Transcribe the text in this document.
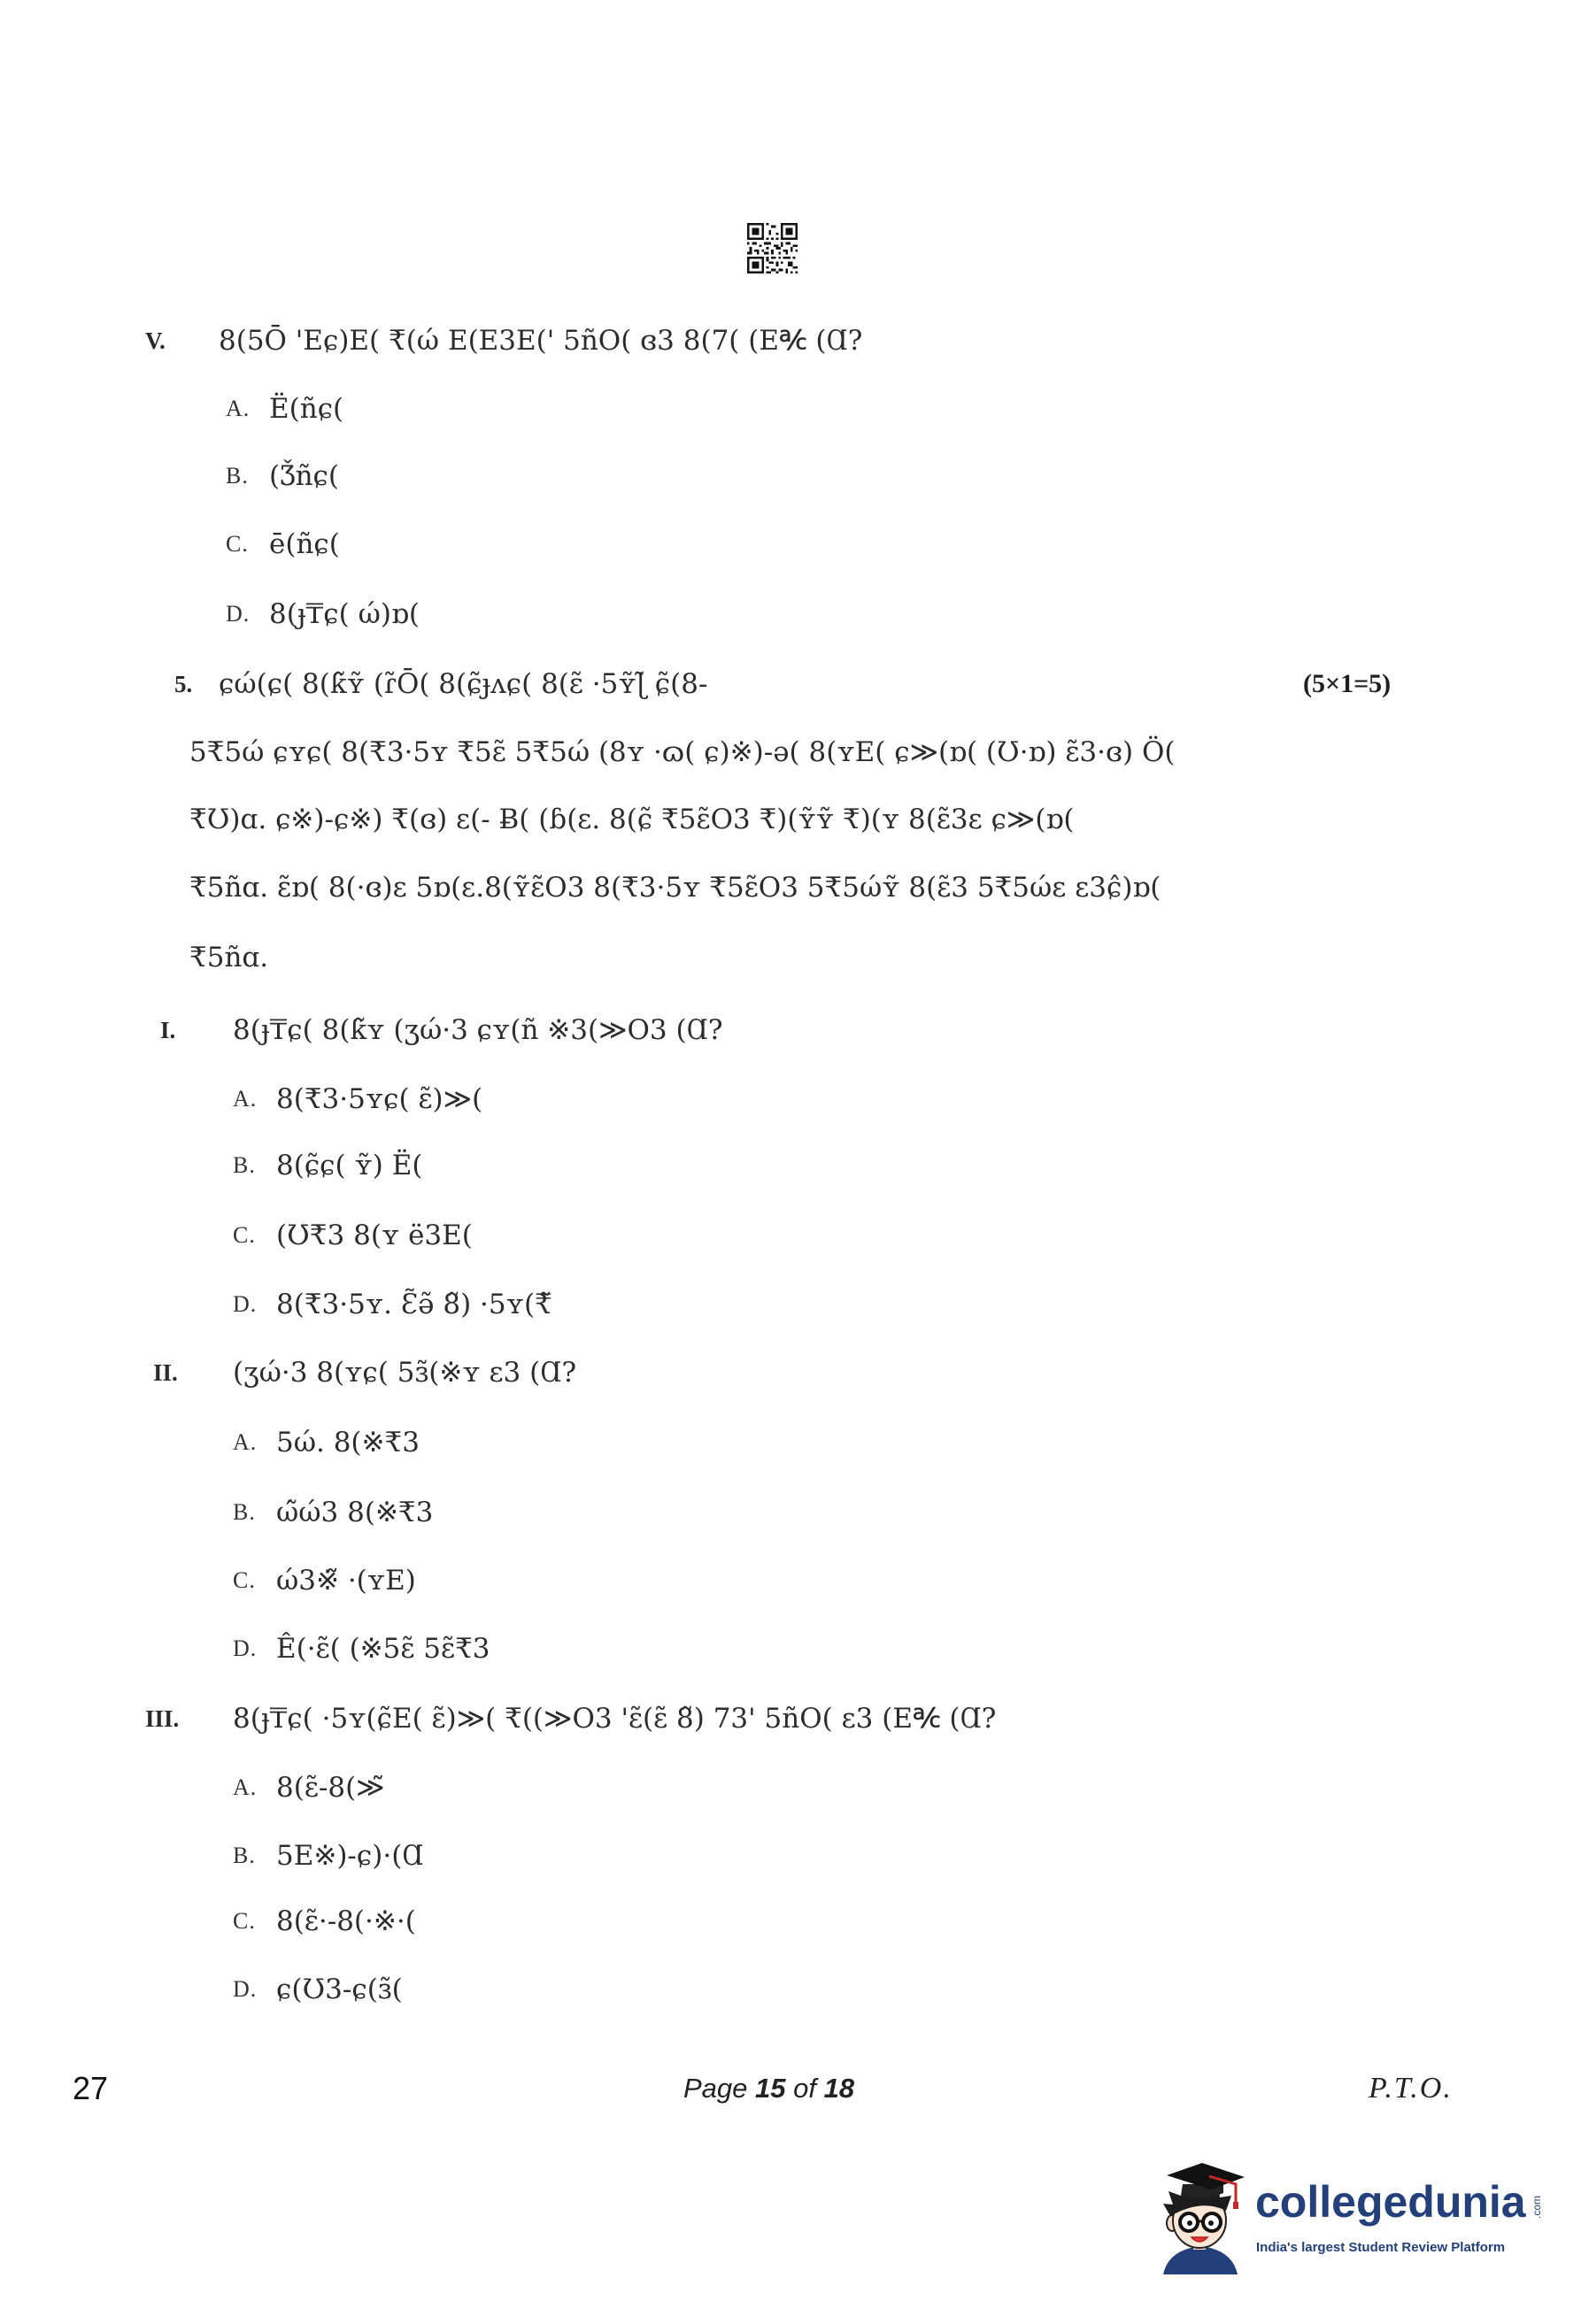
V. 8(5Ō 'Eɕ)E( ₹(ώ E(E3E(' 5ñO( ɞ3 8(7( (E℀ (Ɑ?
A. Ë(ñɕ(
B. (Ǯñɕ(
C. ē(ñɕ(
D. 8(ɟ₸ɕ( ώ)ɒ(
5. ɕώ(ɕ( 8(ƙ̃ʏ̃ (ɾ̃Ō( 8(ɕ̃ɟᴧɕ( 8(ɛ̃ ·5ʏ̃ɭ̃ ɕ̃(8-	(5×1=5)
5₹5ώ ɕʏɕ( 8(₹3·5ʏ ₹5ɛ̃ 5₹5ώ (8ʏ ·ɷ( ɕ)※)-ə( 8(ʏE( ɕ≫(ɒ( (Ʊ·ɒ) ɛ̃3·ɞ) Ö(
₹Ʊ)ɑ. ɕ※)-ɕ※) ₹(ɞ) ɛ(- Ƀ( (ɓ(ɛ. 8(ɕ̃ ₹5ɛ̃O3 ₹)(ʏ̃ʏ̃ ₹)(ʏ 8(ɛ̃3ɛ ɕ≫(ɒ(
₹5ñɑ. ɛ̃ɒ( 8(·ɞ)ɛ 5ɒ(ɛ.8(ʏ̃ɛ̃O3 8(₹3·5ʏ ₹5ɛ̃O3 5₹5ώʏ̃ 8(ɛ̃3 5₹5ώɛ ɛ3ɕ̂)ɒ(
₹5ñɑ.
I. 8(ɟ₸ɕ( 8(ƙ̃ʏ (ʒώ·3 ɕʏ(ñ ※3(≫O3 (Ɑ?
A. 8(₹3·5ʏɕ( ɛ̃)≫(
B. 8(ɕ̃ɕ( ʏ̃) Ë(
C. (Ʊ₹3 8(ʏ ë3E(
D. 8(₹3·5ʏ. Ɛ̃ə̃ 8̃) ·5ʏ(₹̃
II. (ʒώ·3 8(ʏɕ( 5ɜ̃(※ʏ ɛ3 (Ɑ?
A. 5ώ. 8(※₹3
B. ώ̃ώ3 8(※₹3
C. ώ3※̃ ·(ʏE)
D. Ê(·ɛ̃( (※5ɛ̃ 5ɛ̃₹3
III. 8(ɟ₸ɕ( ·5ʏ(ɕ̃E( ɛ̃)≫( ₹((≫O3 'ɛ̃(ɛ̃ 8̃) 73' 5ñO( ɛ3 (E℀ (Ɑ?
A. 8(ɛ̃-8(≫̃
B. 5E※)-ɕ)·(Ɑ
C. 8(ɛ̃·-8(·※·(
D. ɕ(Ʊ3-ɕ(ɜ̃(
27	Page 15 of 18	P.T.O.
collegedunia .com
India's largest Student Review Platform
